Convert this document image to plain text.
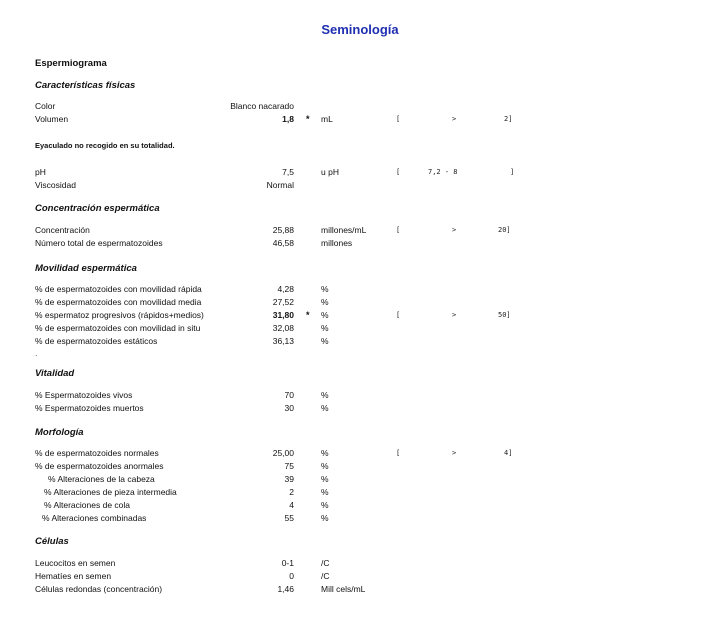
Seminología
Espermiograma
Características físicas
Color	Blanco nacarado
Volumen	1,8 * mL	[	>	2]
Eyaculado no recogido en su totalidad.
pH	7,5	u pH	[	7,2 - 8	]
Viscosidad	Normal
Concentración espermática
Concentración	25,88	millones/mL	[	>	20]
Número total de espermatozoides	46,58	millones
Movilidad espermática
% de espermatozoides con movilidad rápida	4,28	%
% de espermatozoides con movilidad media	27,52	%
% espermatoz progresivos (rápidos+medios)	31,80 * %	[	>	50]
% de espermatozoides con movilidad in situ	32,08	%
% de espermatozoides estáticos	36,13	%
.
Vitalidad
% Espermatozoides vivos	70	%
% Espermatozoides muertos	30	%
Morfología
% de espermatozoides normales	25,00	%	[	>	4]
% de espermatozoides anormales	75	%
% Alteraciones de la cabeza	39	%
% Alteraciones de pieza intermedia	2	%
% Alteraciones de cola	4	%
% Alteraciones combinadas	55	%
Células
Leucocitos en semen	0-1	/C
Hematíes en semen	0	/C
Células redondas (concentración)	1,46	Mill cels/mL
